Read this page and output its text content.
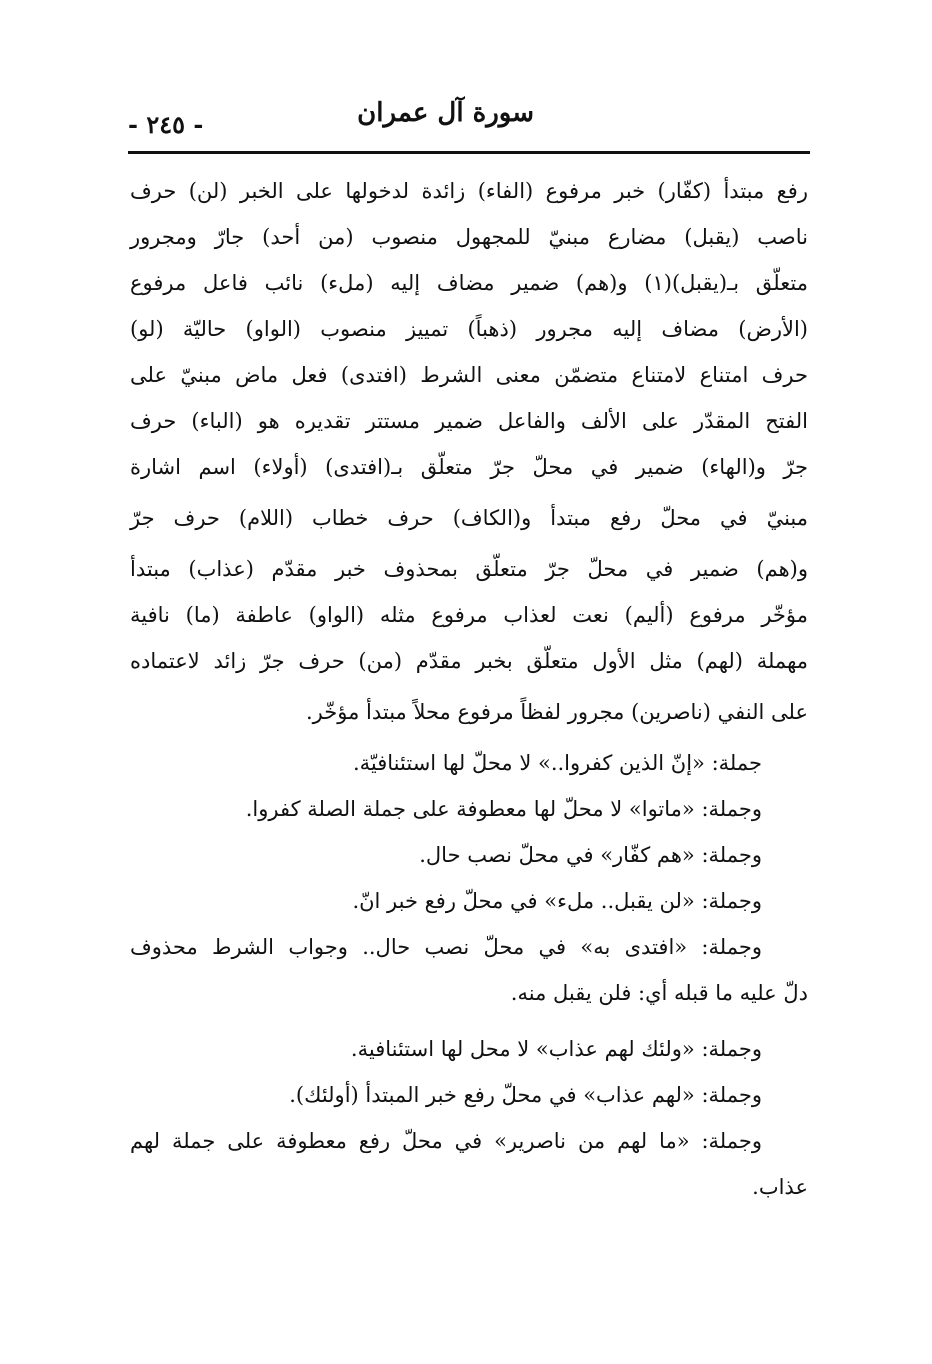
سورة آل عمران
- ٢٤٥ -
رفع مبتدأ (كفّار) خبر مرفوع (الفاء) زائدة لدخولها على الخبر (لن) حرف
ناصب (يقبل) مضارع مبنيّ للمجهول منصوب (من أحد) جارّ ومجرور
متعلّق بـ(يقبل)(١) و(هم) ضمير مضاف إليه (ملء) نائب فاعل مرفوع
(الأرض) مضاف إليه مجرور (ذهباً) تمييز منصوب (الواو) حاليّة (لو)
حرف امتناع لامتناع متضمّن معنى الشرط (افتدى) فعل ماض مبنيّ على
الفتح المقدّر على الألف والفاعل ضمير مستتر تقديره هو (الباء) حرف
جرّ و(الهاء) ضمير في محلّ جرّ متعلّق بـ(افتدى) (أولاء) اسم اشارة
مبنيّ في محلّ رفع مبتدأ و(الكاف) حرف خطاب (اللام) حرف جرّ
و(هم) ضمير في محلّ جرّ متعلّق بمحذوف خبر مقدّم (عذاب) مبتدأ
مؤخّر مرفوع (أليم) نعت لعذاب مرفوع مثله (الواو) عاطفة (ما) نافية
مهملة (لهم) مثل الأول متعلّق بخبر مقدّم (من) حرف جرّ زائد لاعتماده
على النفي (ناصرين) مجرور لفظاً مرفوع محلاً مبتدأ مؤخّر.
جملة: «إنّ الذين كفروا..» لا محلّ لها استئنافيّة.
وجملة: «ماتوا» لا محلّ لها معطوفة على جملة الصلة كفروا.
وجملة: «هم كفّار» في محلّ نصب حال.
وجملة: «لن يقبل.. ملء» في محلّ رفع خبر انّ.
وجملة: «افتدى به» في محلّ نصب حال.. وجواب الشرط محذوف
دلّ عليه ما قبله أي: فلن يقبل منه.
وجملة: «ولئك لهم عذاب» لا محل لها استئنافية.
وجملة: «لهم عذاب» في محلّ رفع خبر المبتدأ (أولئك).
وجملة: «ما لهم من ناصرير» في محلّ رفع معطوفة على جملة لهم
عذاب.
